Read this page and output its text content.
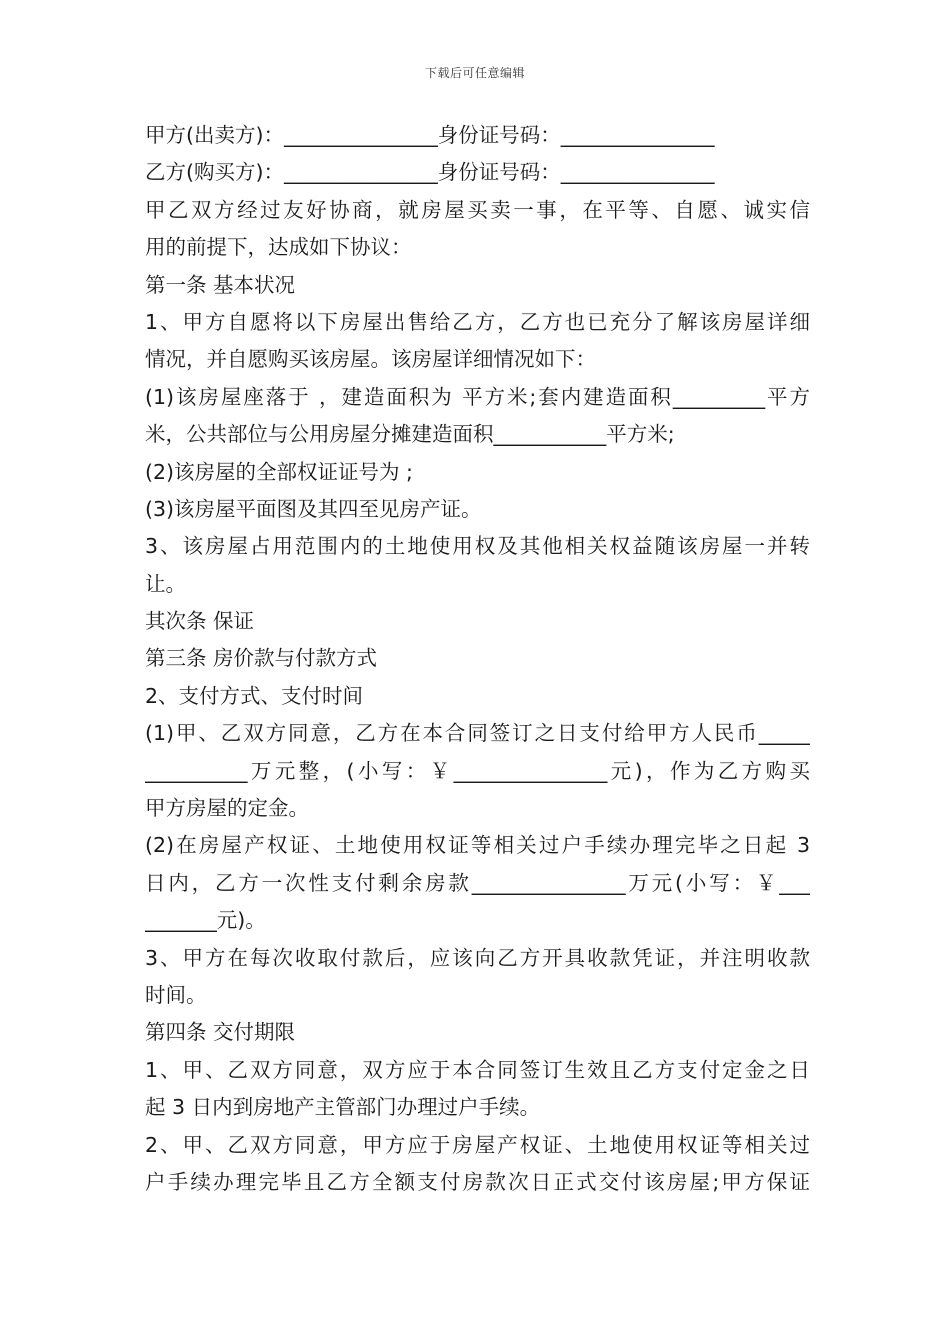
下载后可任意编辑
甲方(出卖方)：_______________身份证号码：_______________
乙方(购买方)：_______________身份证号码：_______________
甲乙双方经过友好协商，就房屋买卖一事，在平等、自愿、诚实信
用的前提下，达成如下协议：
第一条 基本状况
1、甲方自愿将以下房屋出售给乙方，乙方也已充分了解该房屋详细
情况，并自愿购买该房屋。该房屋详细情况如下：
(1)该房屋座落于 ，建造面积为 平方米;套内建造面积_________平方
米，公共部位与公用房屋分摊建造面积___________平方米;
(2)该房屋的全部权证证号为 ;
(3)该房屋平面图及其四至见房产证。
3、该房屋占用范围内的土地使用权及其他相关权益随该房屋一并转
让。
其次条 保证
第三条 房价款与付款方式
2、支付方式、支付时间
(1)甲、乙双方同意，乙方在本合同签订之日支付给甲方人民币_____
__________万元整，(小写：￥_______________元)，作为乙方购买
甲方房屋的定金。
(2)在房屋产权证、土地使用权证等相关过户手续办理完毕之日起 3
日内，乙方一次性支付剩余房款_______________万元(小写：￥___
_______元)。
3、甲方在每次收取付款后，应该向乙方开具收款凭证，并注明收款
时间。
第四条 交付期限
1、甲、乙双方同意，双方应于本合同签订生效且乙方支付定金之日
起 3 日内到房地产主管部门办理过户手续。
2、甲、乙双方同意，甲方应于房屋产权证、土地使用权证等相关过
户手续办理完毕且乙方全额支付房款次日正式交付该房屋;甲方保证
